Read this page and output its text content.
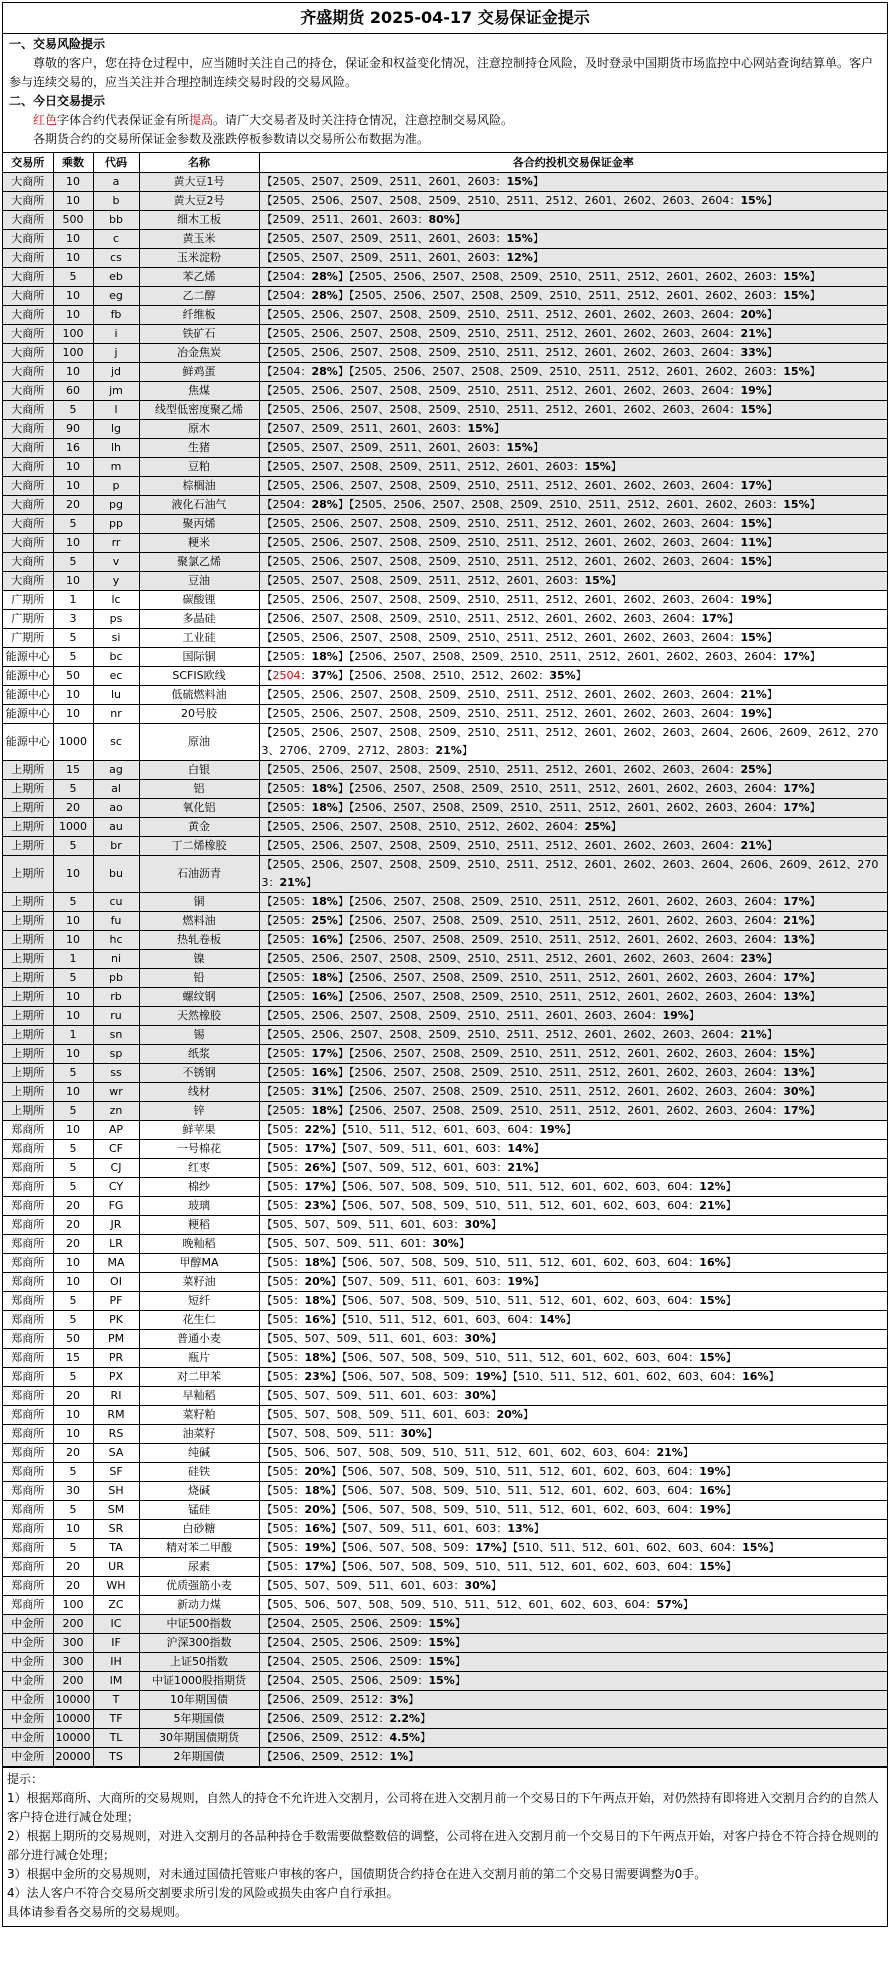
齐盛期货 2025-04-17 交易保证金提示
一、交易风险提示
尊敬的客户，您在持仓过程中，应当随时关注自己的持仓，保证金和权益变化情况，注意控制持仓风险，及时登录中国期货市场监控中心网站查询结算单。客户参与连续交易的，应当关注并合理控制连续交易时段的交易风险。
二、今日交易提示
红色字体合约代表保证金有所提高。请广大交易者及时关注持仓情况，注意控制交易风险。
各期货合约的交易所保证金参数及涨跌停板参数请以交易所公布数据为准。
交易所	乘数	代码	名称	各合约投机交易保证金率
大商所	10	a	黄大豆1号	【2505、2507、2509、2511、2601、2603：15%】
大商所	10	b	黄大豆2号	【2505、2506、2507、2508、2509、2510、2511、2512、2601、2602、2603、2604：15%】
大商所	500	bb	细木工板	【2509、2511、2601、2603：80%】
大商所	10	c	黄玉米	【2505、2507、2509、2511、2601、2603：15%】
大商所	10	cs	玉米淀粉	【2505、2507、2509、2511、2601、2603：12%】
大商所	5	eb	苯乙烯	【2504：28%】【2505、2506、2507、2508、2509、2510、2511、2512、2601、2602、2603：15%】
大商所	10	eg	乙二醇	【2504：28%】【2505、2506、2507、2508、2509、2510、2511、2512、2601、2602、2603：15%】
大商所	10	fb	纤维板	【2505、2506、2507、2508、2509、2510、2511、2512、2601、2602、2603、2604：20%】
大商所	100	i	铁矿石	【2505、2506、2507、2508、2509、2510、2511、2512、2601、2602、2603、2604：21%】
大商所	100	j	冶金焦炭	【2505、2506、2507、2508、2509、2510、2511、2512、2601、2602、2603、2604：33%】
大商所	10	jd	鲜鸡蛋	【2504：28%】【2505、2506、2507、2508、2509、2510、2511、2512、2601、2602、2603：15%】
大商所	60	jm	焦煤	【2505、2506、2507、2508、2509、2510、2511、2512、2601、2602、2603、2604：19%】
大商所	5	l	线型低密度聚乙烯	【2505、2506、2507、2508、2509、2510、2511、2512、2601、2602、2603、2604：15%】
大商所	90	lg	原木	【2507、2509、2511、2601、2603：15%】
大商所	16	lh	生猪	【2505、2507、2509、2511、2601、2603：15%】
大商所	10	m	豆粕	【2505、2507、2508、2509、2511、2512、2601、2603：15%】
大商所	10	p	棕榈油	【2505、2506、2507、2508、2509、2510、2511、2512、2601、2602、2603、2604：17%】
大商所	20	pg	液化石油气	【2504：28%】【2505、2506、2507、2508、2509、2510、2511、2512、2601、2602、2603：15%】
大商所	5	pp	聚丙烯	【2505、2506、2507、2508、2509、2510、2511、2512、2601、2602、2603、2604：15%】
大商所	10	rr	粳米	【2505、2506、2507、2508、2509、2510、2511、2512、2601、2602、2603、2604：11%】
大商所	5	v	聚氯乙烯	【2505、2506、2507、2508、2509、2510、2511、2512、2601、2602、2603、2604：15%】
大商所	10	y	豆油	【2505、2507、2508、2509、2511、2512、2601、2603：15%】
广期所	1	lc	碳酸锂	【2505、2506、2507、2508、2509、2510、2511、2512、2601、2602、2603、2604：19%】
广期所	3	ps	多晶硅	【2506、2507、2508、2509、2510、2511、2512、2601、2602、2603、2604：17%】
广期所	5	si	工业硅	【2505、2506、2507、2508、2509、2510、2511、2512、2601、2602、2603、2604：15%】
能源中心	5	bc	国际铜	【2505：18%】【2506、2507、2508、2509、2510、2511、2512、2601、2602、2603、2604：17%】
能源中心	50	ec	SCFIS欧线	【2504：37%】【2506、2508、2510、2512、2602：35%】
能源中心	10	lu	低硫燃料油	【2505、2506、2507、2508、2509、2510、2511、2512、2601、2602、2603、2604：21%】
能源中心	10	nr	20号胶	【2505、2506、2507、2508、2509、2510、2511、2512、2601、2602、2603、2604：19%】
能源中心	1000	sc	原油	【2505、2506、2507、2508、2509、2510、2511、2512、2601、2602、2603、2604、2606、2609、2612、2703、2706、2709、2712、2803：21%】
上期所	15	ag	白银	【2505、2506、2507、2508、2509、2510、2511、2512、2601、2602、2603、2604：25%】
上期所	5	al	铝	【2505：18%】【2506、2507、2508、2509、2510、2511、2512、2601、2602、2603、2604：17%】
上期所	20	ao	氧化铝	【2505：18%】【2506、2507、2508、2509、2510、2511、2512、2601、2602、2603、2604：17%】
上期所	1000	au	黄金	【2505、2506、2507、2508、2510、2512、2602、2604：25%】
上期所	5	br	丁二烯橡胶	【2505、2506、2507、2508、2509、2510、2511、2512、2601、2602、2603、2604：21%】
上期所	10	bu	石油沥青	【2505、2506、2507、2508、2509、2510、2511、2512、2601、2602、2603、2604、2606、2609、2612、2703：21%】
上期所	5	cu	铜	【2505：18%】【2506、2507、2508、2509、2510、2511、2512、2601、2602、2603、2604：17%】
上期所	10	fu	燃料油	【2505：25%】【2506、2507、2508、2509、2510、2511、2512、2601、2602、2603、2604：21%】
上期所	10	hc	热轧卷板	【2505：16%】【2506、2507、2508、2509、2510、2511、2512、2601、2602、2603、2604：13%】
上期所	1	ni	镍	【2505、2506、2507、2508、2509、2510、2511、2512、2601、2602、2603、2604：23%】
上期所	5	pb	铅	【2505：18%】【2506、2507、2508、2509、2510、2511、2512、2601、2602、2603、2604：17%】
上期所	10	rb	螺纹钢	【2505：16%】【2506、2507、2508、2509、2510、2511、2512、2601、2602、2603、2604：13%】
上期所	10	ru	天然橡胶	【2505、2506、2507、2508、2509、2510、2511、2601、2603、2604：19%】
上期所	1	sn	锡	【2505、2506、2507、2508、2509、2510、2511、2512、2601、2602、2603、2604：21%】
上期所	10	sp	纸浆	【2505：17%】【2506、2507、2508、2509、2510、2511、2512、2601、2602、2603、2604：15%】
上期所	5	ss	不锈钢	【2505：16%】【2506、2507、2508、2509、2510、2511、2512、2601、2602、2603、2604：13%】
上期所	10	wr	线材	【2505：31%】【2506、2507、2508、2509、2510、2511、2512、2601、2602、2603、2604：30%】
上期所	5	zn	锌	【2505：18%】【2506、2507、2508、2509、2510、2511、2512、2601、2602、2603、2604：17%】
郑商所	10	AP	鲜苹果	【505：22%】【510、511、512、601、603、604：19%】
郑商所	5	CF	一号棉花	【505：17%】【507、509、511、601、603：14%】
郑商所	5	CJ	红枣	【505：26%】【507、509、512、601、603：21%】
郑商所	5	CY	棉纱	【505：17%】【506、507、508、509、510、511、512、601、602、603、604：12%】
郑商所	20	FG	玻璃	【505：23%】【506、507、508、509、510、511、512、601、602、603、604：21%】
郑商所	20	JR	粳稻	【505、507、509、511、601、603：30%】
郑商所	20	LR	晚籼稻	【505、507、509、511、601：30%】
郑商所	10	MA	甲醇MA	【505：18%】【506、507、508、509、510、511、512、601、602、603、604：16%】
郑商所	10	OI	菜籽油	【505：20%】【507、509、511、601、603：19%】
郑商所	5	PF	短纤	【505：18%】【506、507、508、509、510、511、512、601、602、603、604：15%】
郑商所	5	PK	花生仁	【505：16%】【510、511、512、601、603、604：14%】
郑商所	50	PM	普通小麦	【505、507、509、511、601、603：30%】
郑商所	15	PR	瓶片	【505：18%】【506、507、508、509、510、511、512、601、602、603、604：15%】
郑商所	5	PX	对二甲苯	【505：23%】【506、507、508、509：19%】【510、511、512、601、602、603、604：16%】
郑商所	20	RI	早籼稻	【505、507、509、511、601、603：30%】
郑商所	10	RM	菜籽粕	【505、507、508、509、511、601、603：20%】
郑商所	10	RS	油菜籽	【507、508、509、511：30%】
郑商所	20	SA	纯碱	【505、506、507、508、509、510、511、512、601、602、603、604：21%】
郑商所	5	SF	硅铁	【505：20%】【506、507、508、509、510、511、512、601、602、603、604：19%】
郑商所	30	SH	烧碱	【505：18%】【506、507、508、509、510、511、512、601、602、603、604：16%】
郑商所	5	SM	锰硅	【505：20%】【506、507、508、509、510、511、512、601、602、603、604：19%】
郑商所	10	SR	白砂糖	【505：16%】【507、509、511、601、603：13%】
郑商所	5	TA	精对苯二甲酸	【505：19%】【506、507、508、509：17%】【510、511、512、601、602、603、604：15%】
郑商所	20	UR	尿素	【505：17%】【506、507、508、509、510、511、512、601、602、603、604：15%】
郑商所	20	WH	优质强筋小麦	【505、507、509、511、601、603：30%】
郑商所	100	ZC	新动力煤	【505、506、507、508、509、510、511、512、601、602、603、604：57%】
中金所	200	IC	中证500指数	【2504、2505、2506、2509：15%】
中金所	300	IF	沪深300指数	【2504、2505、2506、2509：15%】
中金所	300	IH	上证50指数	【2504、2505、2506、2509：15%】
中金所	200	IM	中证1000股指期货	【2504、2505、2506、2509：15%】
中金所	10000	T	10年期国债	【2506、2509、2512：3%】
中金所	10000	TF	5年期国债	【2506、2509、2512：2.2%】
中金所	10000	TL	30年期国债期货	【2506、2509、2512：4.5%】
中金所	20000	TS	2年期国债	【2506、2509、2512：1%】

提示：

1）根据郑商所、大商所的交易规则，自然人的持仓不允许进入交割月，公司将在进入交割月前一个交易日的下午两点开始，对仍然持有即将进入交割月合约的自然人客户持仓进行减仓处理；

2）根据上期所的交易规则，对进入交割月的各品种持仓手数需要做整数倍的调整，公司将在进入交割月前一个交易日的下午两点开始，对客户持仓不符合持仓规则的部分进行减仓处理；

3）根据中金所的交易规则，对未通过国债托管账户审核的客户，国债期货合约持仓在进入交割月前的第二个交易日需要调整为0手。

4）法人客户不符合交易所交割要求所引发的风险或损失由客户自行承担。

具体请参看各交易所的交易规则。
